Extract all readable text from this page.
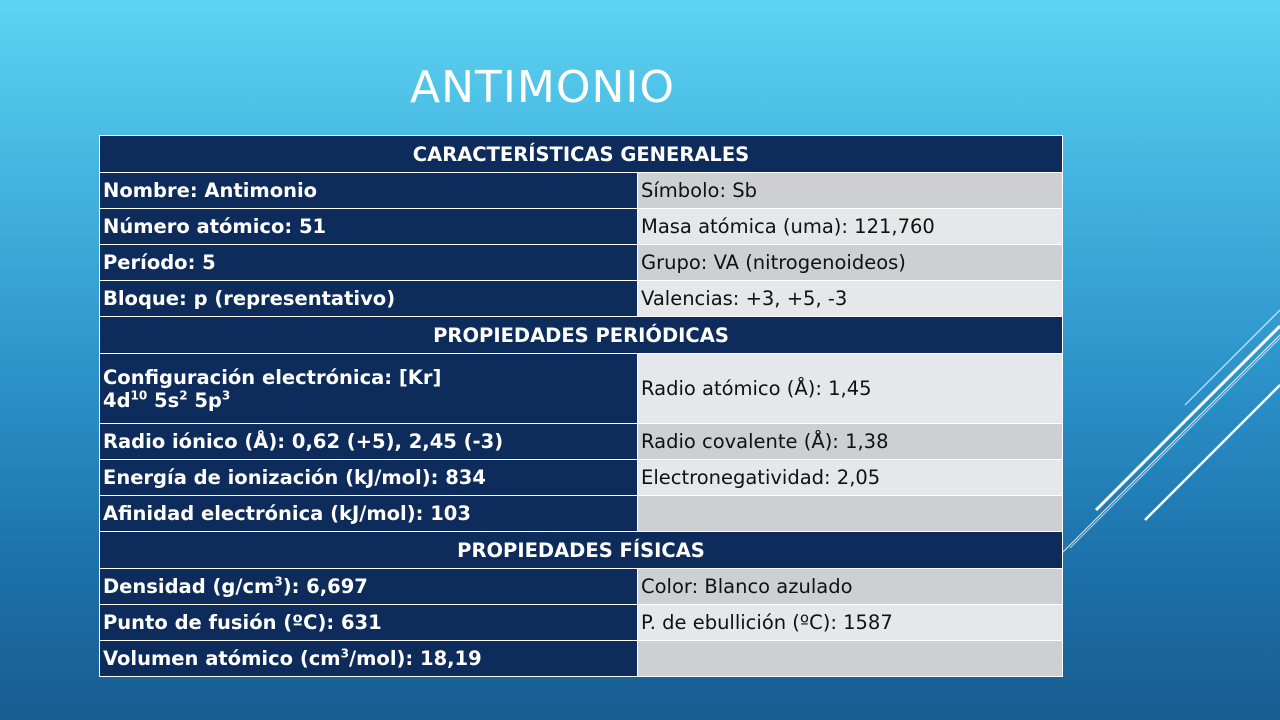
ANTIMONIO
CARACTERÍSTICAS GENERALES	
Nombre: Antimonio	Símbolo: Sb
Número atómico: 51	Masa atómica (uma): 121,760
Período: 5	Grupo: VA (nitrogenoideos)
Bloque: p (representativo)	Valencias: +3, +5, -3
PROPIEDADES PERIÓDICAS	
Configuración electrónica: [Kr]
$4d^{10}$ $5s^2$ $5p^3$	Radio atómico (Å): 1,45
Radio iónico (Å): 0,62 (+5), 2,45 (-3)	Radio covalente (Å): 1,38
Energía de ionización (kJ/mol): 834	Electronegatividad: 2,05
Afinidad electrónica (kJ/mol): 103	
PROPIEDADES FÍSICAS	
Densidad $(g/cm^3)$: 6,697	Color: Blanco azulado
Punto de fusión (ºC): 631	P. de ebullición (ºC): 1587
Volumen atómico $(cm^3/mol)$: 18,19	
